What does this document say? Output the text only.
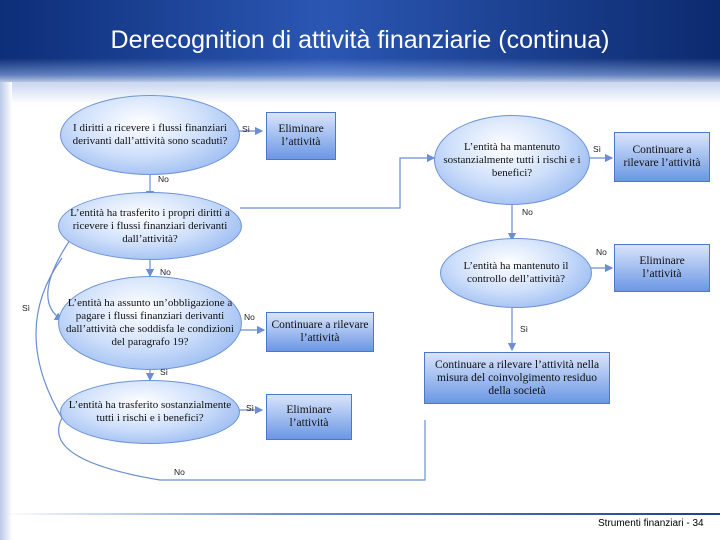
Derecognition di attività finanziarie (continua)
I diritti a ricevere i flussi finanziari derivanti dall’attività sono scaduti?
L’entità ha trasferito i propri diritti a ricevere i flussi finanziari derivanti dall’attività?
L’entità ha assunto un’obbligazione a pagare i flussi finanziari derivanti dall’attività che soddisfa le condizioni del paragrafo 19?
L’entità ha trasferito sostanzialmente tutti i rischi e i benefici?
L’entità ha mantenuto sostanzialmente tutti i rischi e i benefici?
L’entità ha mantenuto il controllo dell’attività?
Eliminare l’attività
Continuare a rilevare l’attività
Eliminare l’attività
Continuare a rilevare l’attività
Eliminare l’attività
Continuare a rilevare l’attività nella misura del coinvolgimento residuo della società
Sì
No
No
No
Sì
No
Sì
Sì
No
Sì
No
Sì
Strumenti finanziari - 34
